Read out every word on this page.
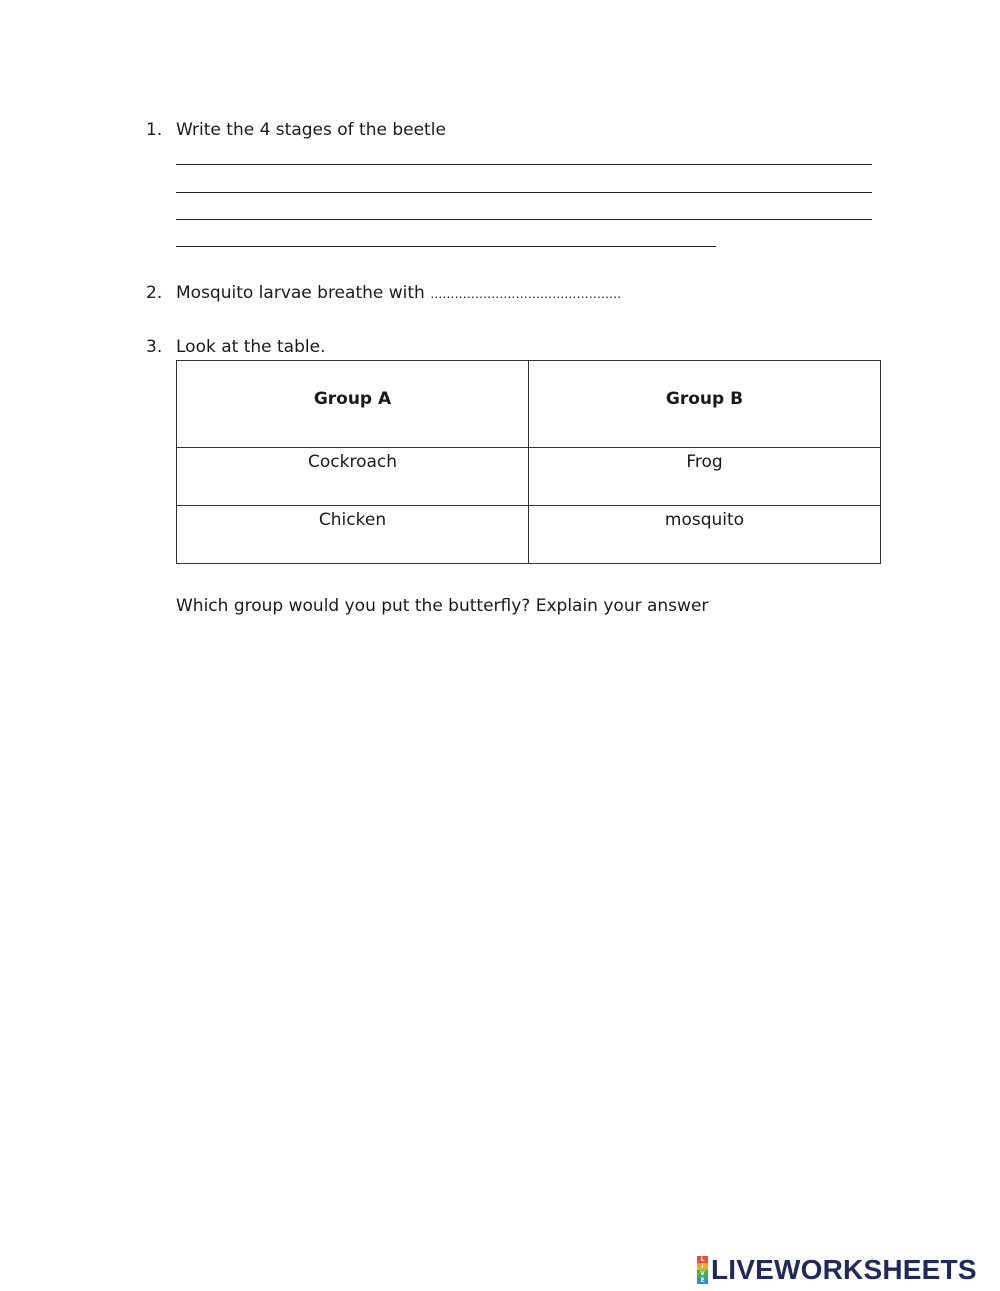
1. Write the 4 stages of the beetle
2. Mosquito larvae breathe with ………………………………………..
3. Look at the table.
Group A	Group B
Cockroach	Frog
Chicken	mosquito
Which group would you put the butterfly? Explain your answer
L
I
V
E LIVEWORKSHEETS
